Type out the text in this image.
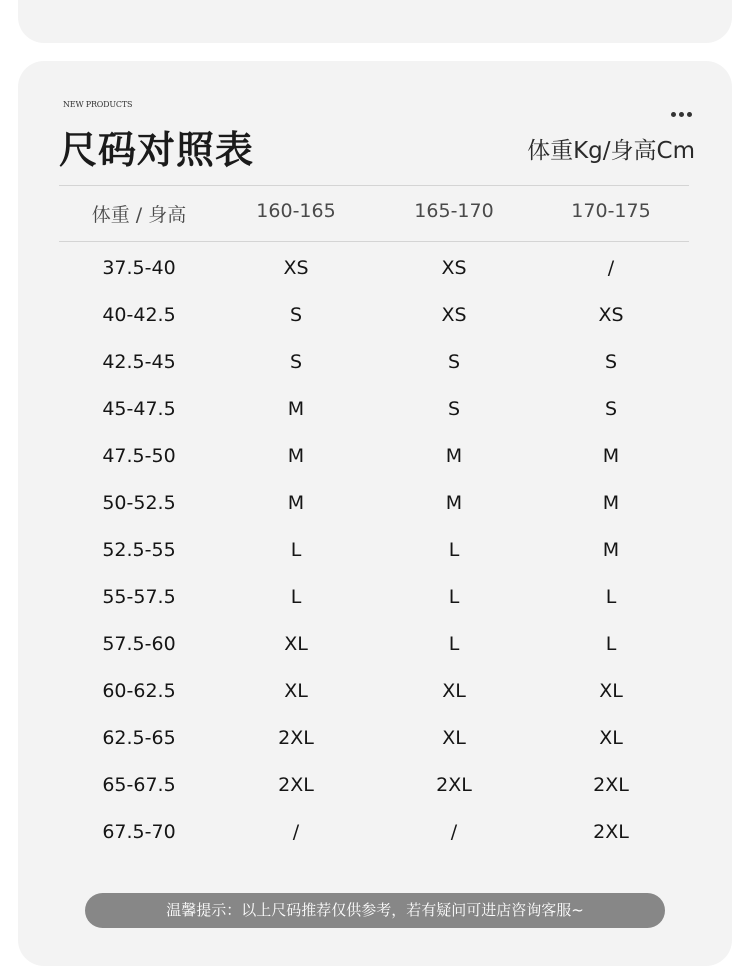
NEW PRODUCTS
尺码对照表	体重Kg/身高Cm
体重 / 身高	160-165	165-170	170-175
37.5-40	XS	XS	/
40-42.5	S	XS	XS
42.5-45	S	S	S
45-47.5	M	S	S
47.5-50	M	M	M
50-52.5	M	M	M
52.5-55	L	L	M
55-57.5	L	L	L
57.5-60	XL	L	L
60-62.5	XL	XL	XL
62.5-65	2XL	XL	XL
65-67.5	2XL	2XL	2XL
67.5-70	/	/	2XL
温馨提示：以上尺码推荐仅供参考，若有疑问可进店咨询客服~
